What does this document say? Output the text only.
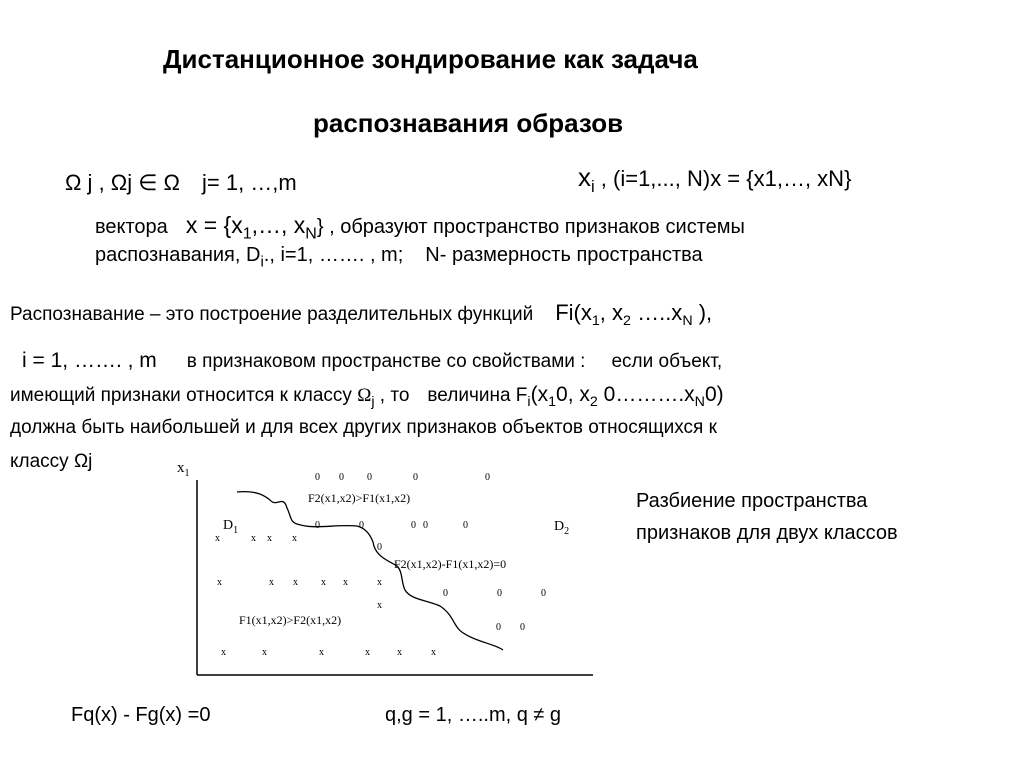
Дистанционное зондирование как задача
распознавания образов
Ω j , Ωj ∈ Ω j= 1, …,m	$x_i$ , (i=1,..., N)x = {x1,…, xN}
вектора $x = \{x_1,\dots$, $x_N$} , образуют пространство признаков системы
распознавания, $D_i$., i=1, ……. , m; N- размерность пространства
Распознавание – это построение разделительных функций $Fi(x_1$, $x_2$ $\dots..x_N$ ),
i = 1, ……. , m в признаковом пространстве со свойствами : если объект,
имеющий признаки относится к классу $\Omega_j$ , то величина $F_i(x_10$, $x_2$ $0\dots\dots\dots.x_N0$)
должна быть наибольшей и для всех других признаков объектов относящихся к
классу Ωj	$x_1$
$D_1$	$D_2$
F2(x1,x2)>F1(x1,x2)
F2(x1,x2)-F1(x1,x2)=0
F1(x1,x2)>F2(x1,x2)
x	x x x
x	x x x x	x
x
x	x	x	x	x	x
0 0 0	0	0
0	0	0 0	0
0
0	0	0
0 0
Разбиение пространства
признаков для двух классов
Fq(x) - Fg(x) =0	q,g = 1, …..m, q ≠ g
